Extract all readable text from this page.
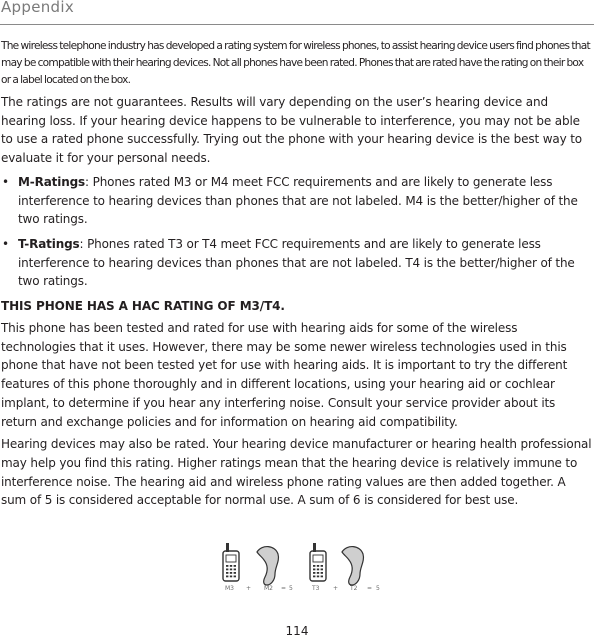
Appendix

The wireless telephone industry has developed a rating system for wireless phones, to assist hearing device users find phones that may be compatible with their hearing devices. Not all phones have been rated. Phones that are rated have the rating on their box or a label located on the box.

The ratings are not guarantees. Results will vary depending on the user’s hearing device and hearing loss. If your hearing device happens to be vulnerable to interference, you may not be able to use a rated phone successfully. Trying out the phone with your hearing device is the best way to evaluate it for your personal needs.

• M-Ratings: Phones rated M3 or M4 meet FCC requirements and are likely to generate less interference to hearing devices than phones that are not labeled. M4 is the better/higher of the two ratings.
• T-Ratings: Phones rated T3 or T4 meet FCC requirements and are likely to generate less interference to hearing devices than phones that are not labeled. T4 is the better/higher of the two ratings.

THIS PHONE HAS A HAC RATING OF M3/T4.

This phone has been tested and rated for use with hearing aids for some of the wireless technologies that it uses. However, there may be some newer wireless technologies used in this phone that have not been tested yet for use with hearing aids. It is important to try the different features of this phone thoroughly and in different locations, using your hearing aid or cochlear implant, to determine if you hear any interfering noise. Consult your service provider about its return and exchange policies and for information on hearing aid compatibility.

Hearing devices may also be rated. Your hearing device manufacturer or hearing health professional may help you find this rating. Higher ratings mean that the hearing device is relatively immune to interference noise. The hearing aid and wireless phone rating values are then added together. A sum of 5 is considered acceptable for normal use. A sum of 6 is considered for best use.

M3 + M2 = 5	T3 + T2 = 5
114
